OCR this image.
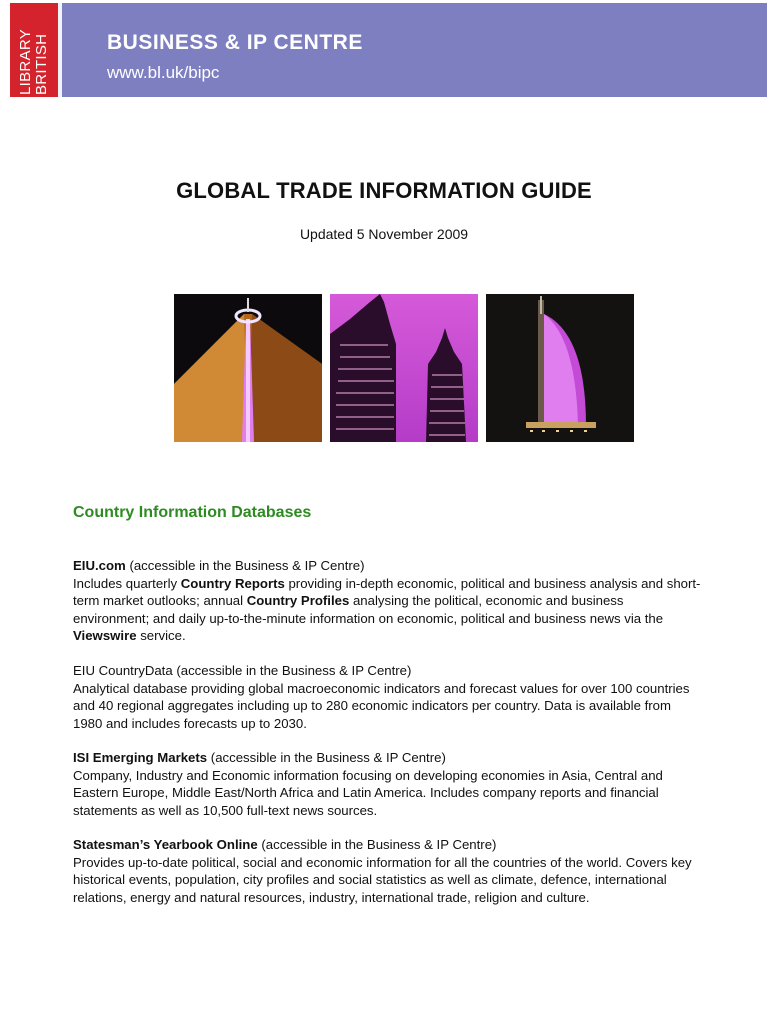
LIBRARY BRITISH	BUSINESS & IP CENTRE
www.bl.uk/bipc
GLOBAL TRADE INFORMATION GUIDE
Updated 5 November 2009
Country Information Databases
EIU.com (accessible in the Business & IP Centre)
Includes quarterly Country Reports providing in-depth economic, political and business analysis and short-term market outlooks; annual Country Profiles analysing the political, economic and business environment; and daily up-to-the-minute information on economic, political and business news via the Viewswire service.
EIU CountryData (accessible in the Business & IP Centre)
Analytical database providing global macroeconomic indicators and forecast values for over 100 countries and 40 regional aggregates including up to 280 economic indicators per country. Data is available from 1980 and includes forecasts up to 2030.
ISI Emerging Markets (accessible in the Business & IP Centre)
Company, Industry and Economic information focusing on developing economies in Asia, Central and Eastern Europe, Middle East/North Africa and Latin America. Includes company reports and financial statements as well as 10,500 full-text news sources.
Statesman’s Yearbook Online (accessible in the Business & IP Centre)
Provides up-to-date political, social and economic information for all the countries of the world. Covers key historical events, population, city profiles and social statistics as well as climate, defence, international relations, energy and natural resources, industry, international trade, religion and culture.
